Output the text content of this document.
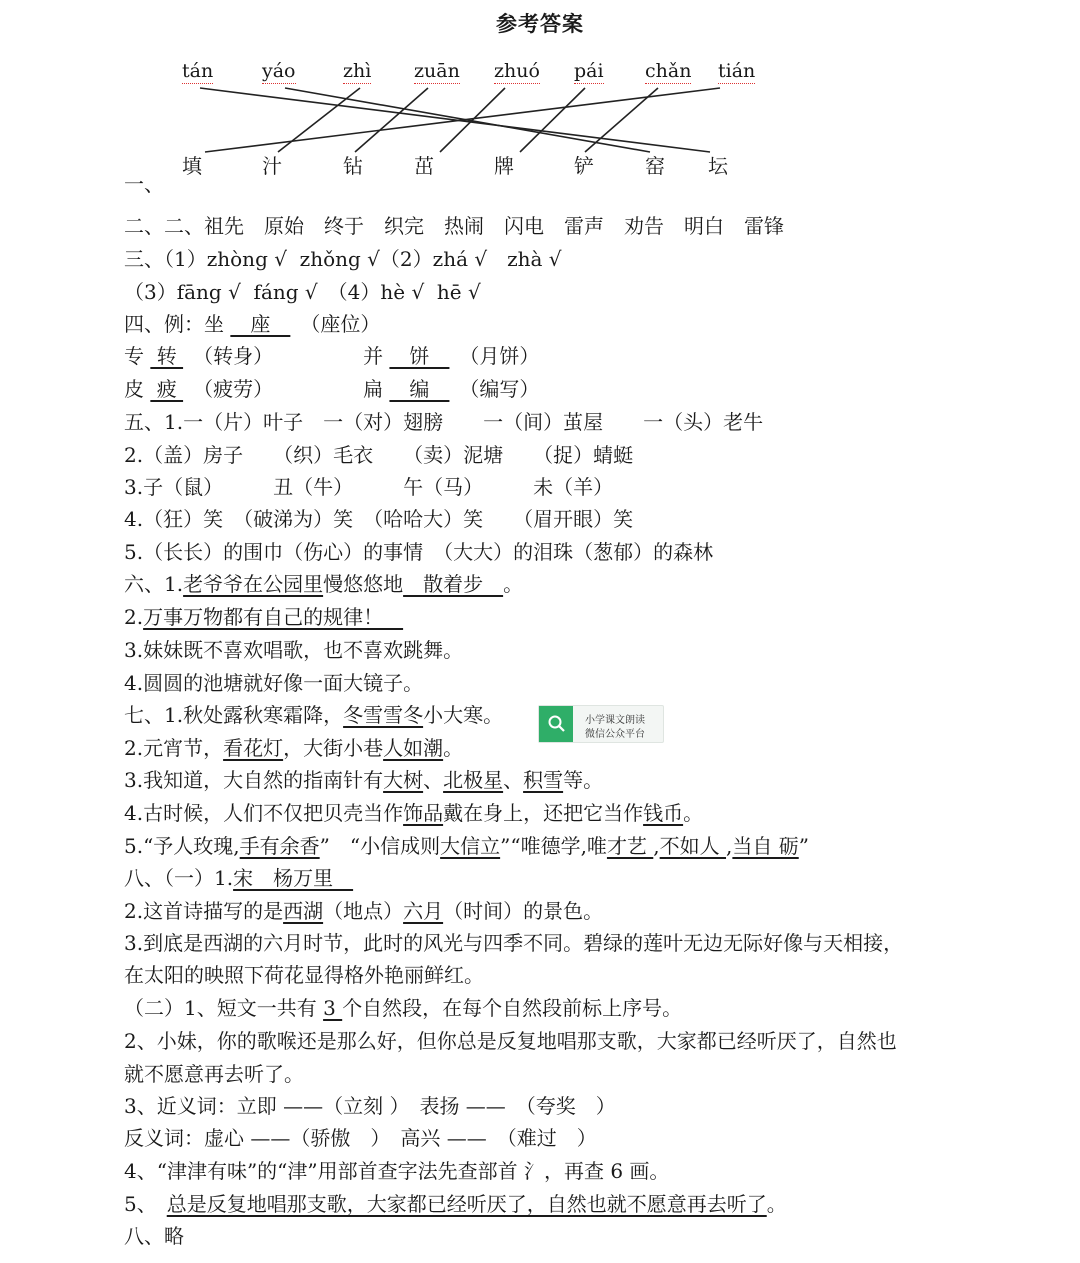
参考答案
tán	yáo zhì zuān zhuó pái chǎn tián
填	汁	钻	茁	牌	铲	窑 坛
一、
二、二、祖先　原始　终于　织完　热闹　闪电　雷声　劝告　明白　雷锋
三、（1）zhòng √  zhǒng √（2）zhá √　zhà √
（3）fāng √  fáng √　（4）hè √  hē √
四、例：坐 　座　　（座位）
专  转 　（转身）　　　　　并 　饼　　（月饼）
皮  疲 　（疲劳）　　　　　扁 　编　　（编写）
五、1.一（片）叶子　一（对）翅膀　　一（间）茧屋　　一（头）老牛
2.（盖）房子　　（织）毛衣　　（卖）泥塘　　（捉）蜻蜓
3.子（鼠）　　　丑（牛）　　　午（马）　　　未（羊）
4.（狂）笑　（破涕为）笑　（哈哈大）笑　　（眉开眼）笑
5.（长长）的围巾（伤心）的事情　（大大）的泪珠（葱郁）的森林
六、1.老爷爷在公园里慢悠悠地　散着步　。
2.万事万物都有自己的规律！　
3.妹妹既不喜欢唱歌，也不喜欢跳舞。
4.圆圆的池塘就好像一面大镜子。
七、1.秋处露秋寒霜降，冬雪雪冬小大寒。
2.元宵节，看花灯，大街小巷人如潮。
3.我知道，大自然的指南针有大树、北极星、积雪等。
4.古时候，人们不仅把贝壳当作饰品戴在身上，还把它当作钱币。
5.“予人玫瑰,手有余香”　“小信成则大信立”“唯德学,唯才艺 ,不如人 ,当自 砺”
八、（一）1.宋　杨万里　
2.这首诗描写的是西湖（地点）六月（时间）的景色。
3.到底是西湖的六月时节，此时的风光与四季不同。碧绿的莲叶无边无际好像与天相接，
在太阳的映照下荷花显得格外艳丽鲜红。
（二）1、短文一共有 3 个自然段，在每个自然段前标上序号。
2、小妹，你的歌喉还是那么好，但你总是反复地唱那支歌，大家都已经听厌了，自然也
就不愿意再去听了。
3、近义词：立即 ——（立刻 ）　表扬 ——　（夸奖　）
反义词：虚心 ——（骄傲　）　高兴 ——　（难过　）
4、“津津有味”的“津”用部首查字法先查部首 氵，再查 6 画。
5、　总是反复地唱那支歌，大家都已经听厌了，自然也就不愿意再去听了。
八、略
小学课文朗读
微信公众平台
